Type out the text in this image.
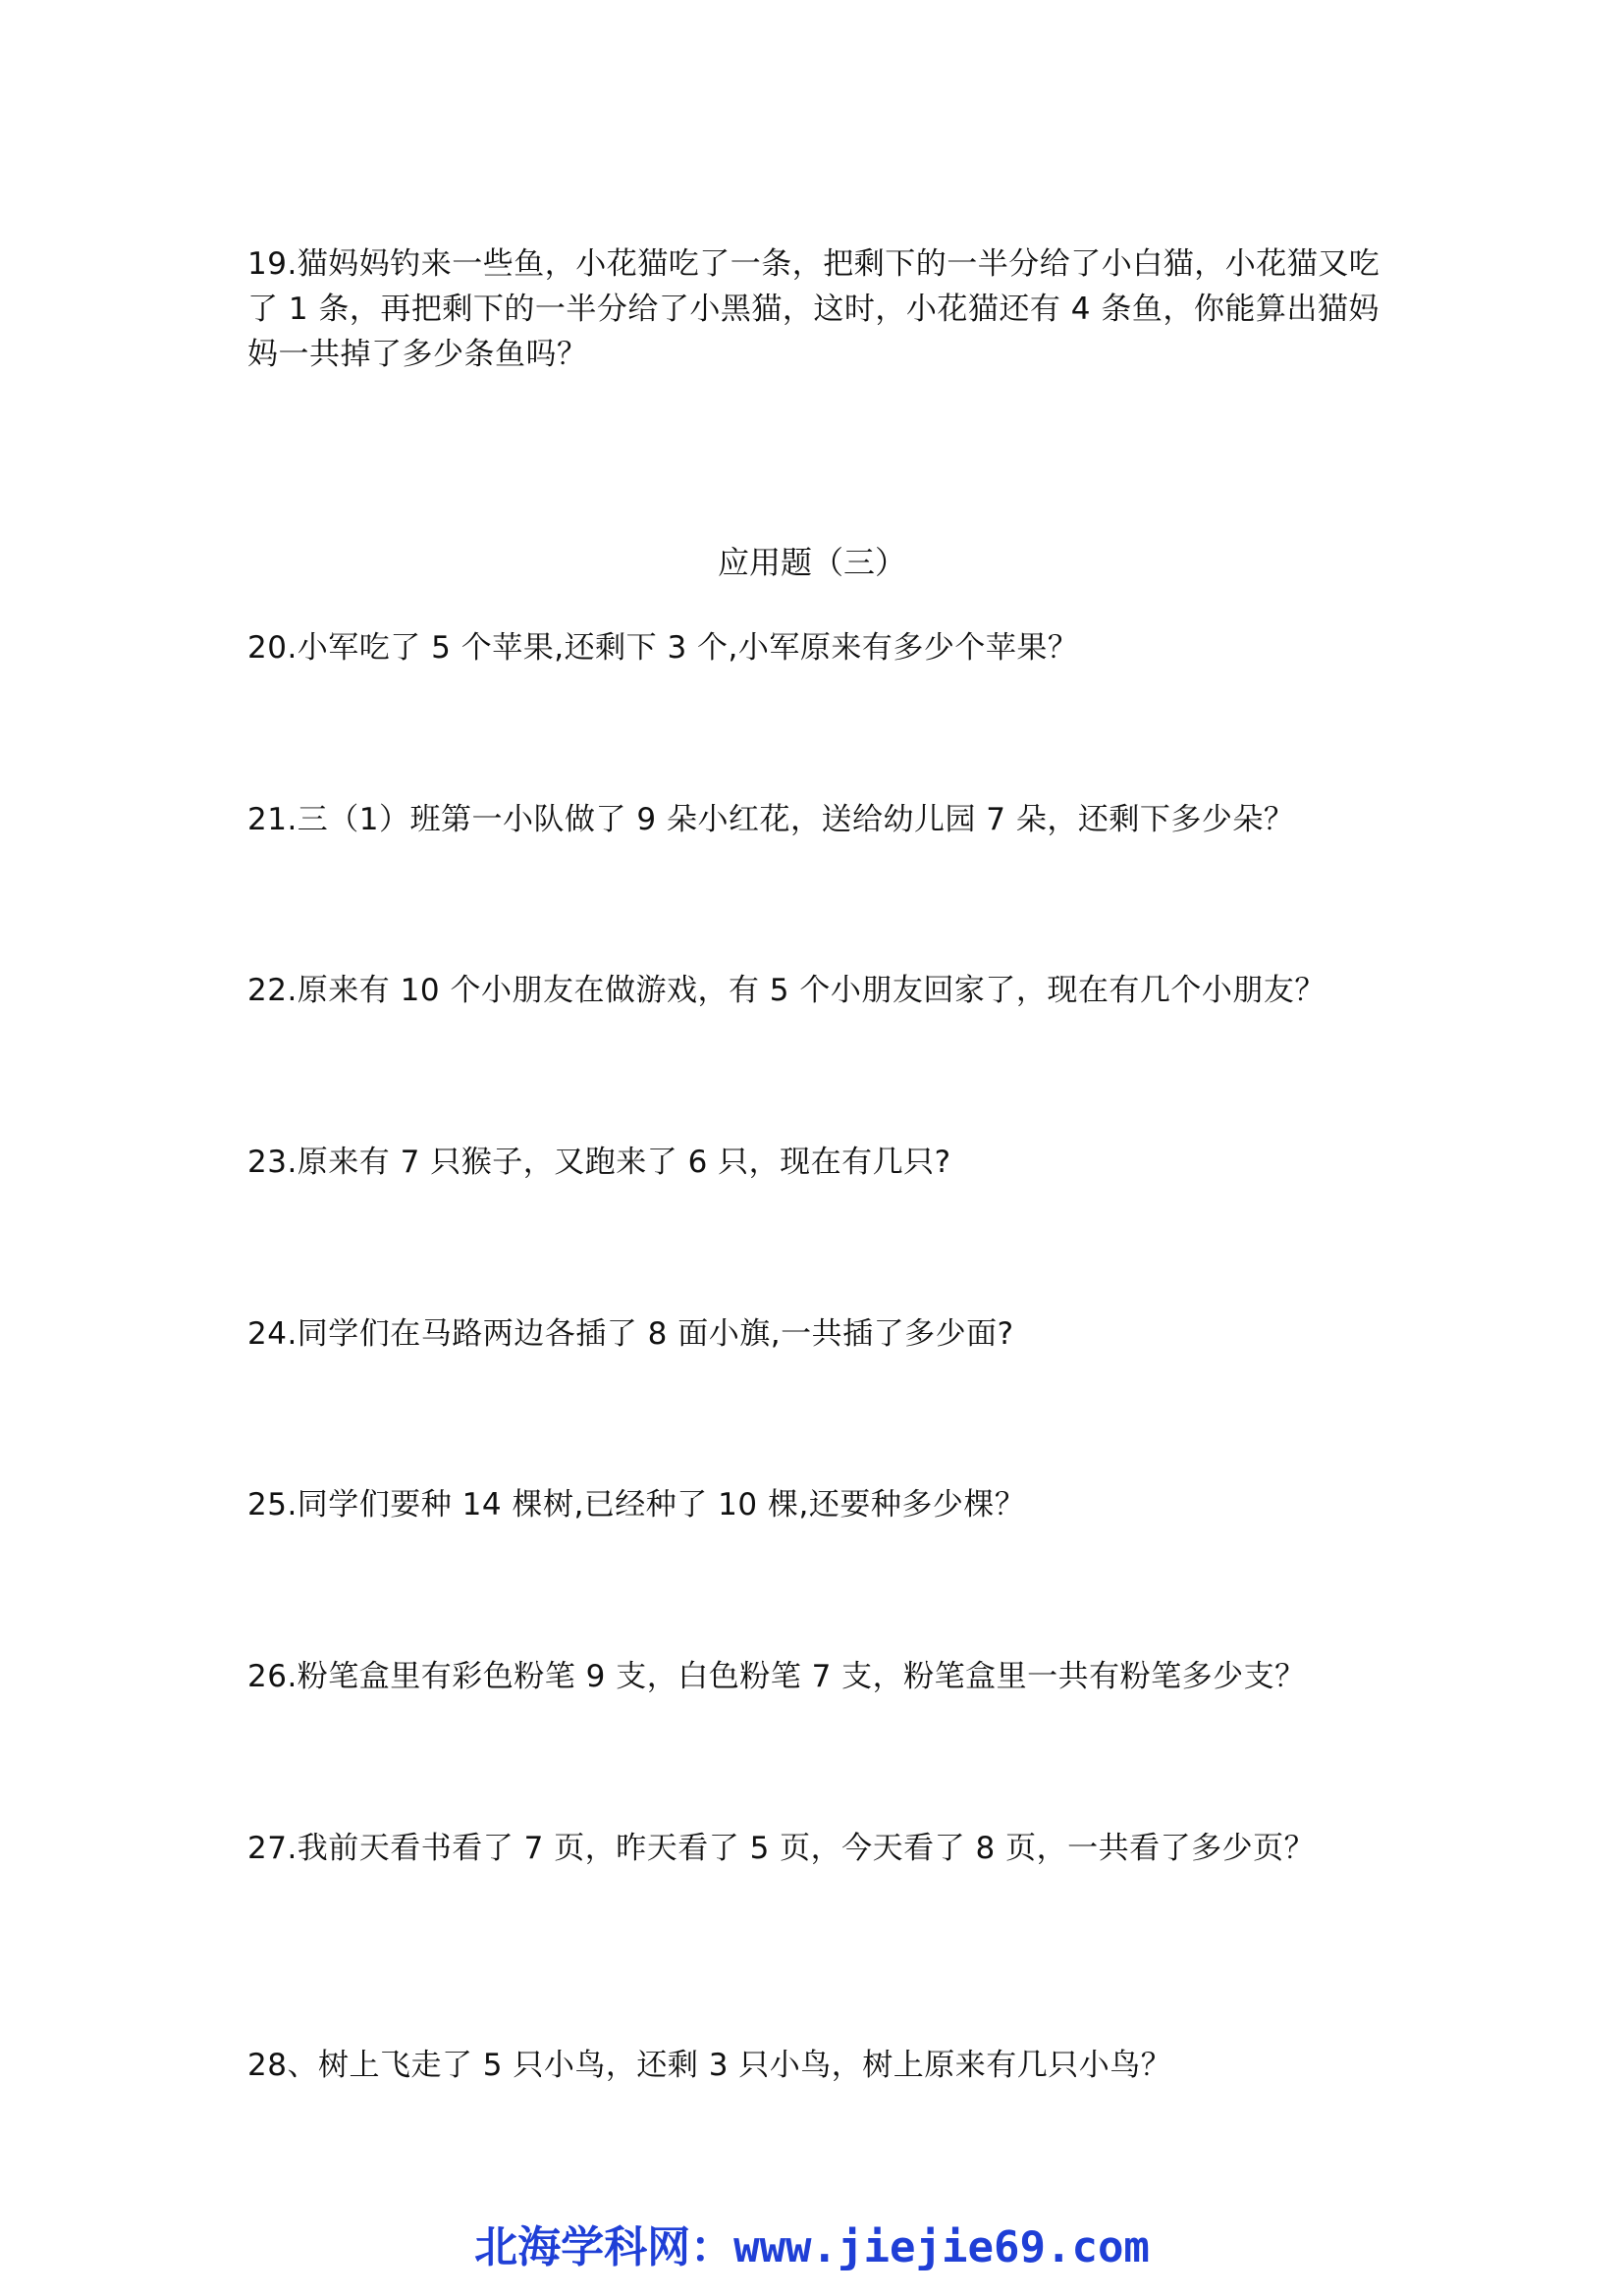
19.猫妈妈钓来一些鱼，小花猫吃了一条，把剩下的一半分给了小白猫，小花猫又吃了 1 条，再把剩下的一半分给了小黑猫，这时，小花猫还有 4 条鱼，你能算出猫妈妈一共掉了多少条鱼吗？

应用题（三）

20.小军吃了 5 个苹果,还剩下 3 个,小军原来有多少个苹果？

21.三（1）班第一小队做了 9 朵小红花，送给幼儿园 7 朵，还剩下多少朵？

22.原来有 10 个小朋友在做游戏，有 5 个小朋友回家了，现在有几个小朋友？

23.原来有 7 只猴子，又跑来了 6 只，现在有几只?

24.同学们在马路两边各插了 8 面小旗,一共插了多少面?

25.同学们要种 14 棵树,已经种了 10 棵,还要种多少棵？

26.粉笔盒里有彩色粉笔 9 支，白色粉笔 7 支，粉笔盒里一共有粉笔多少支？

27.我前天看书看了 7 页，昨天看了 5 页，今天看了 8 页，一共看了多少页？

28、树上飞走了 5 只小鸟，还剩 3 只小鸟，树上原来有几只小鸟？

北海学科网：www.jiejie69.com
